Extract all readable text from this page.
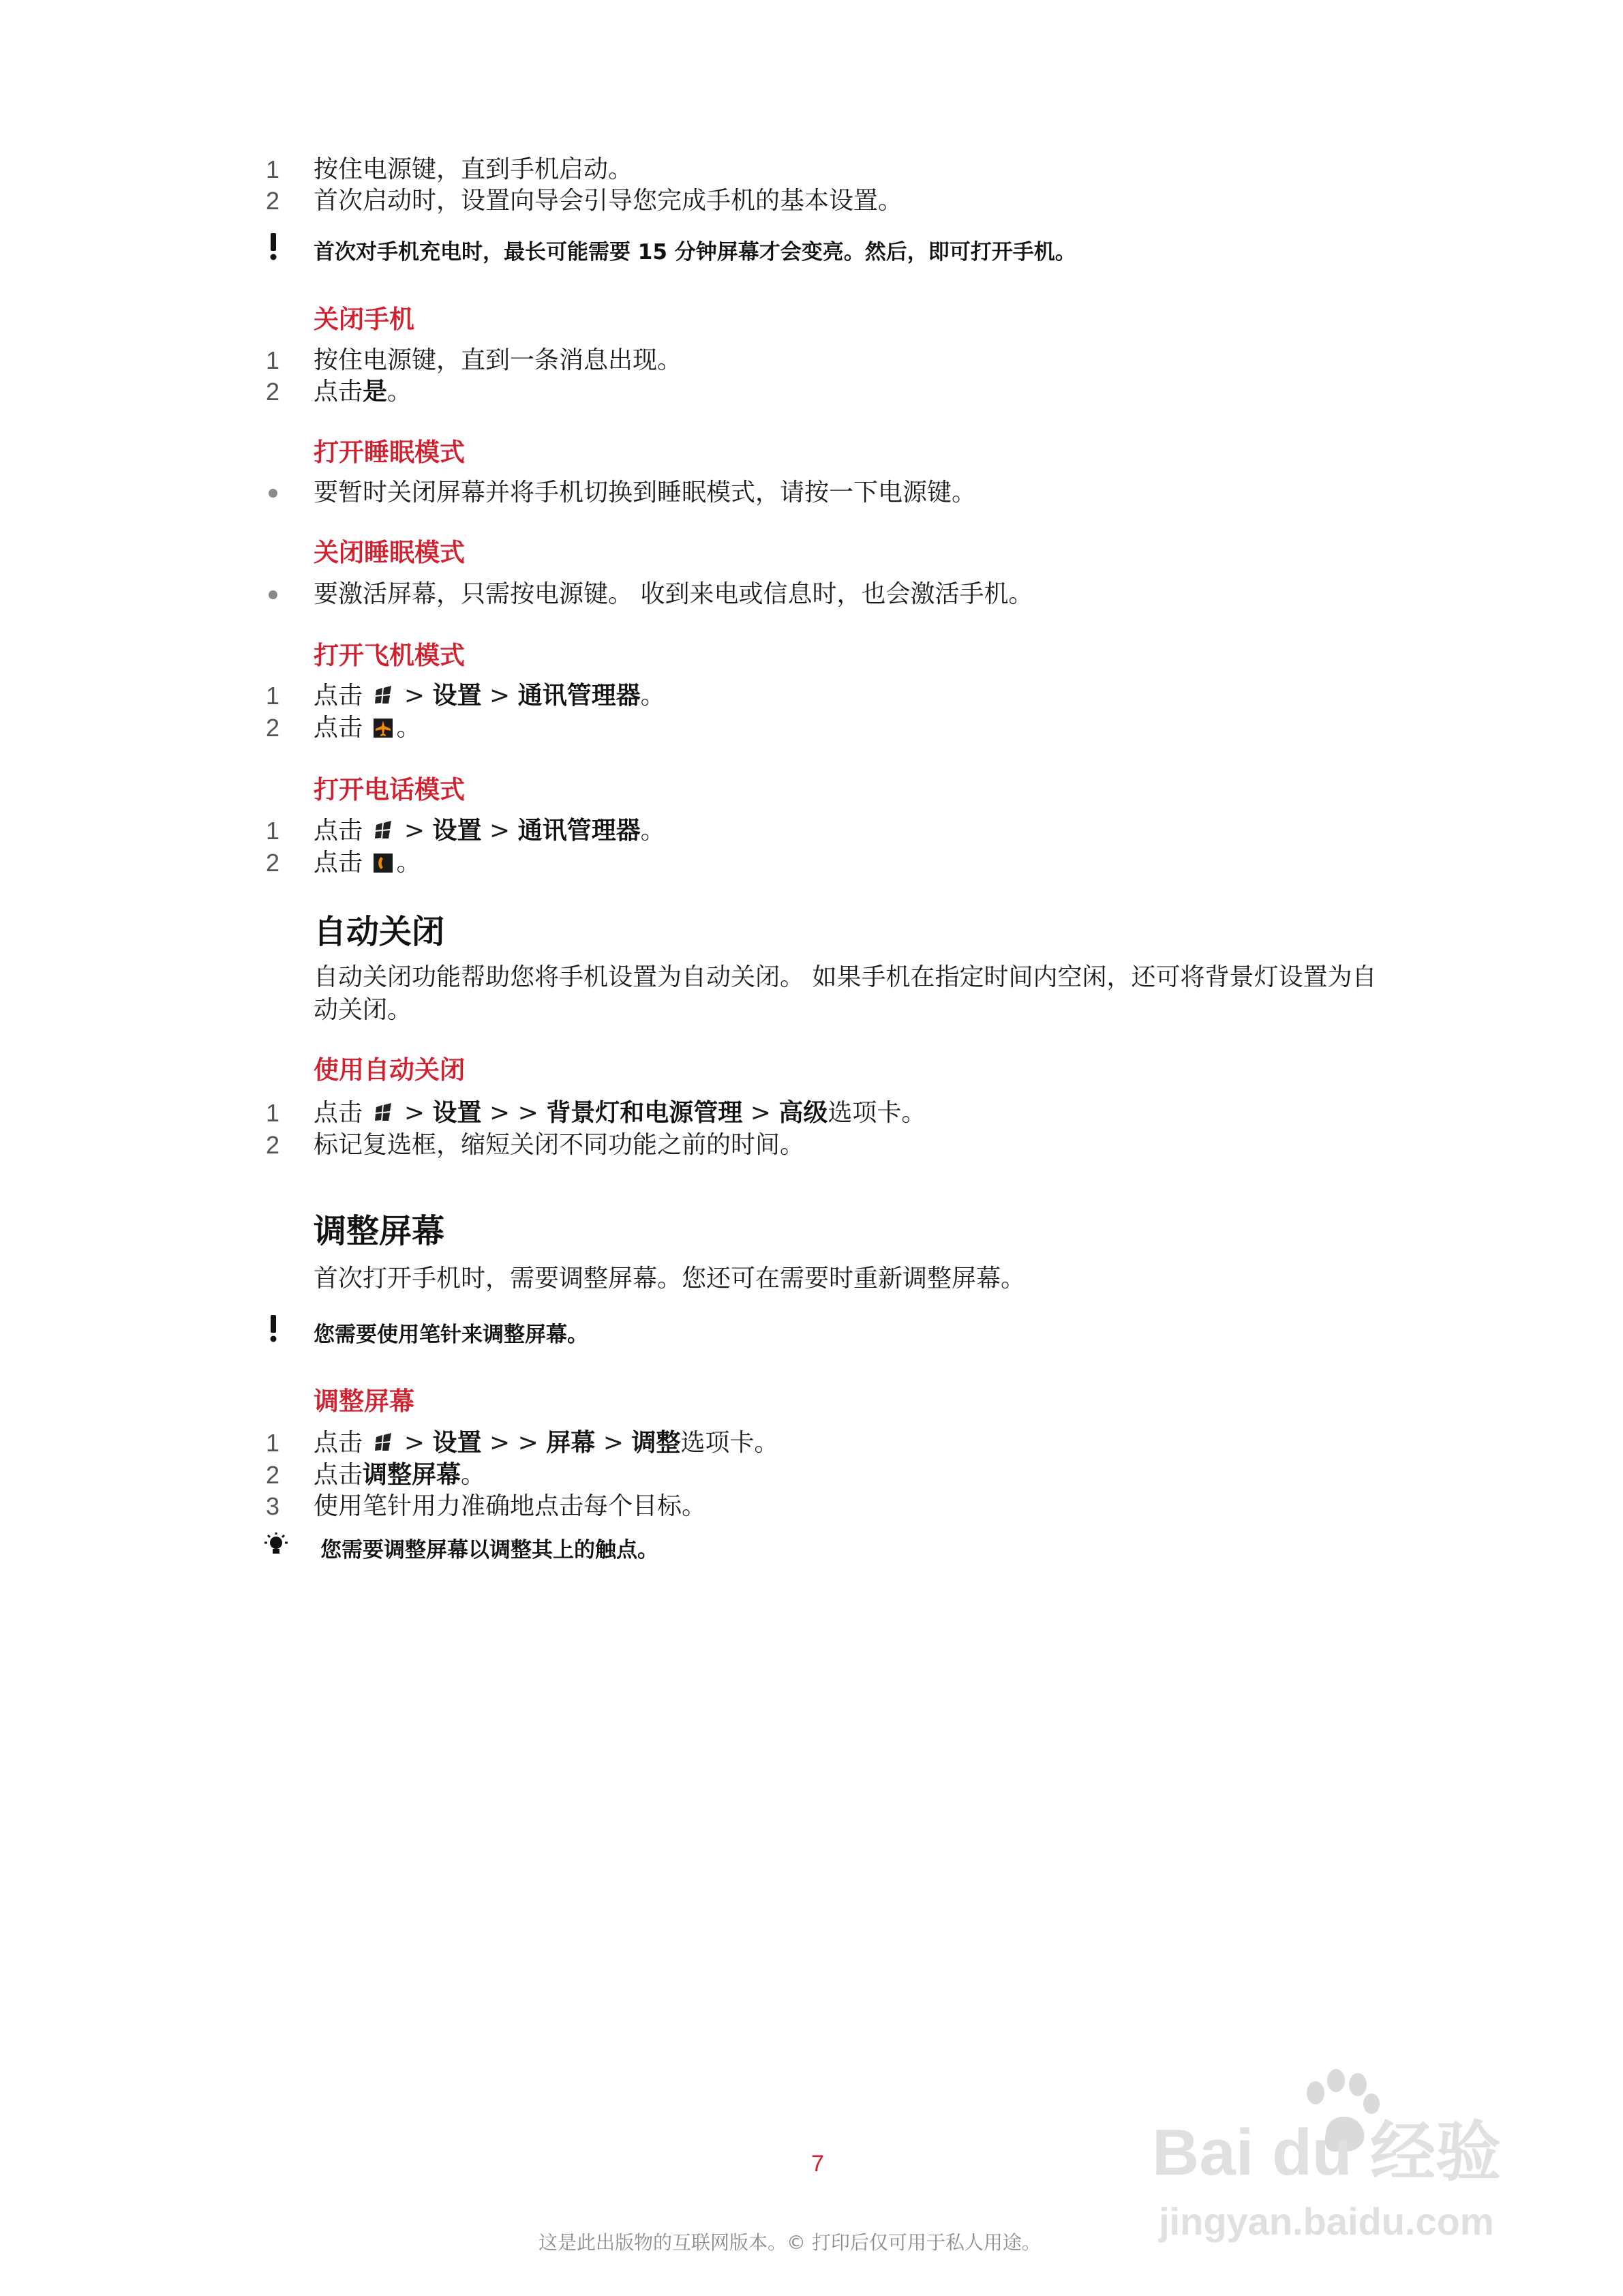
1 按住电源键，直到手机启动。
2 首次启动时，设置向导会引导您完成手机的基本设置。
首次对手机充电时，最长可能需要 15 分钟屏幕才会变亮。然后，即可打开手机。
关闭手机
1 按住电源键，直到一条消息出现。
2 点击是。
打开睡眠模式
要暂时关闭屏幕并将手机切换到睡眠模式，请按一下电源键。
关闭睡眠模式
要激活屏幕，只需按电源键。 收到来电或信息时，也会激活手机。
打开飞机模式
1 点击 > 设置 > 通讯管理器。
2 点击 。
打开电话模式
1 点击 > 设置 > 通讯管理器。
2 点击 。
自动关闭
自动关闭功能帮助您将手机设置为自动关闭。 如果手机在指定时间内空闲，还可将背景灯设置为自动关闭。
使用自动关闭
1 点击 > 设置 > > 背景灯和电源管理 > 高级选项卡。
2 标记复选框，缩短关闭不同功能之前的时间。
调整屏幕
首次打开手机时，需要调整屏幕。您还可在需要时重新调整屏幕。
您需要使用笔针来调整屏幕。
调整屏幕
1 点击 > 设置 > > 屏幕 > 调整选项卡。
2 点击调整屏幕。
3 使用笔针用力准确地点击每个目标。
您需要调整屏幕以调整其上的触点。
7
这是此出版物的互联网版本。© 打印后仅可用于私人用途。
Bai du 经验
jingyan.baidu.com
